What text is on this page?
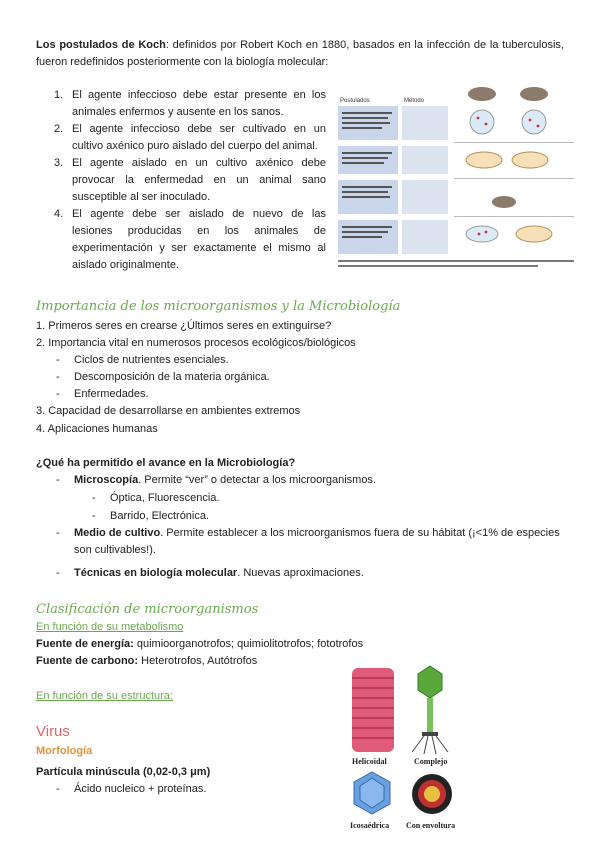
Los postulados de Koch: definidos por Robert Koch en 1880, basados en la infección de la tuberculosis, fueron redefinidos posteriormente con la biología molecular:
1. El agente infeccioso debe estar presente en los animales enfermos y ausente en los sanos.
2. El agente infeccioso debe ser cultivado en un cultivo axénico puro aislado del cuerpo del animal.
3. El agente aislado en un cultivo axénico debe provocar la enfermedad en un animal sano susceptible al ser inoculado.
4. El agente debe ser aislado de nuevo de las lesiones producidas en los animales de experimentación y ser exactamente el mismo al aislado originalmente.
Postulados	Método
Importancia de los microorganismos y la Microbiología
1. Primeros seres en crearse ¿Últimos seres en extinguirse?
2. Importancia vital en numerosos procesos ecológicos/biológicos
- Ciclos de nutrientes esenciales.
- Descomposición de la materia orgánica.
- Enfermedades.
3. Capacidad de desarrollarse en ambientes extremos
4. Aplicaciones humanas
¿Qué ha permitido el avance en la Microbiología?
- Microscopía. Permite “ver” o detectar a los microorganismos.
- Óptica, Fluorescencia.
- Barrido, Electrónica.
- Medio de cultivo. Permite establecer a los microorganismos fuera de su hábitat (¡<1% de especies
son cultivables!).
- Técnicas en biología molecular. Nuevas aproximaciones.
Clasificación de microorganismos
En función de su metabolismo
Fuente de energía: quimioorganotrofos; quimiolitotrofos; fototrofos
Fuente de carbono: Heterotrofos, Autótrofos
En función de su estructura:
Virus
Morfología
Partícula minúscula (0,02-0,3 μm)
- Ácido nucleico + proteínas.
Helicoidal	Complejo
Icosaédrica Con envoltura
